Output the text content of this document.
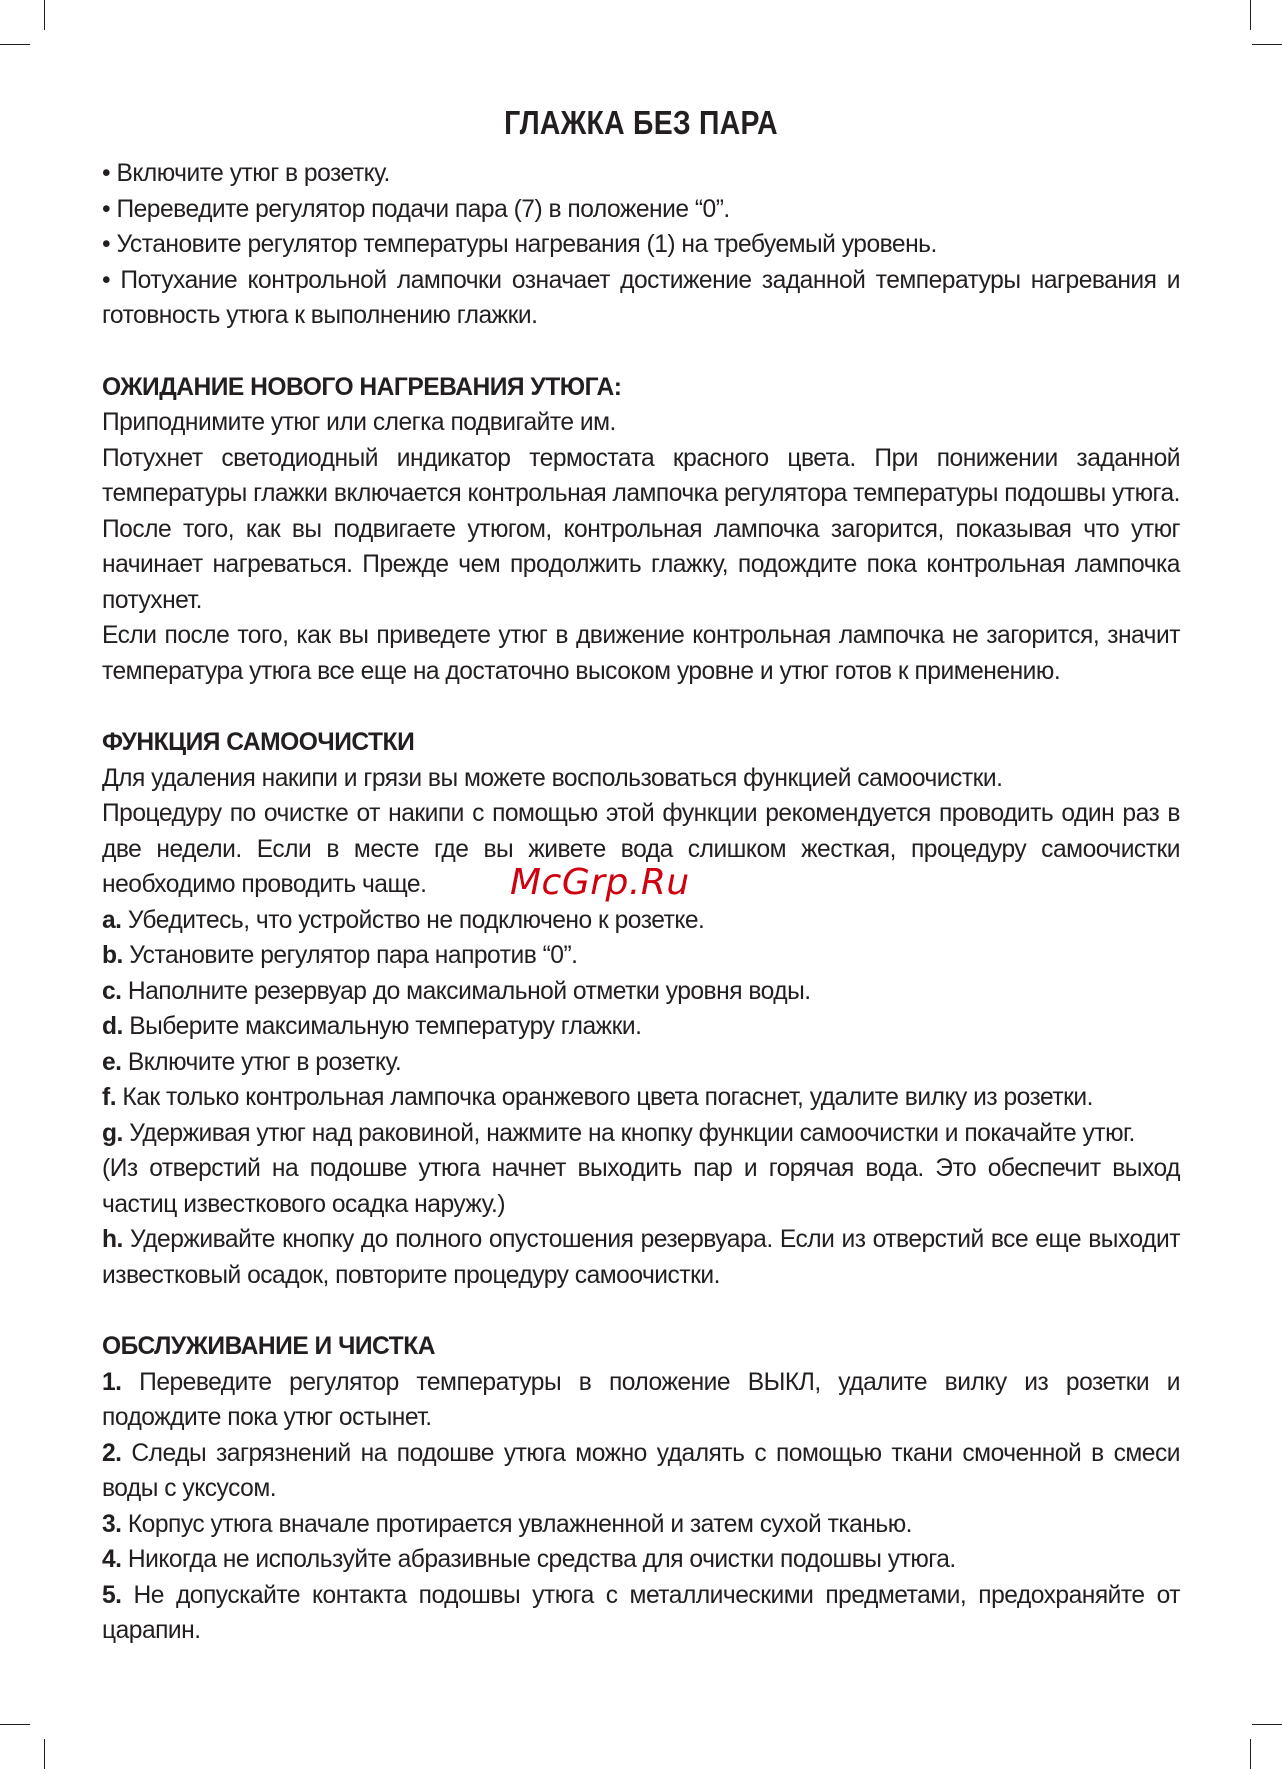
ГЛАЖКА БЕЗ ПАРА

• Включите утюг в розетку.

• Переведите регулятор подачи пара (7) в положение “0”.

• Установите регулятор температуры нагревания (1) на требуемый уровень.

• Потухание контрольной лампочки означает достижение заданной температуры нагревания и готовность утюга к выполнению глажки.

ОЖИДАНИЕ НОВОГО НАГРЕВАНИЯ УТЮГА:

Приподнимите утюг или слегка подвигайте им.

Потухнет светодиодный индикатор термостата красного цвета. При понижении заданной температуры глажки включается контрольная лампочка регулятора температуры подошвы утюга. После того, как вы подвигаете утюгом, контрольная лампочка загорится, показывая что утюг начинает нагреваться. Прежде чем продолжить глажку, подождите пока контрольная лампочка потухнет.

Если после того, как вы приведете утюг в движение контрольная лампочка не загорится, значит температура утюга все еще на достаточно высоком уровне и утюг готов к применению.

ФУНКЦИЯ САМООЧИСТКИ

Для удаления накипи и грязи вы можете воспользоваться функцией самоочистки.

Процедуру по очистке от накипи с помощью этой функции рекомендуется проводить один раз в две недели. Если в месте где вы живете вода слишком жесткая, процедуру самоочистки необходимо проводить чаще.

a. Убедитесь, что устройство не подключено к розетке.

b. Установите регулятор пара напротив “0”.

c. Наполните резервуар до максимальной отметки уровня воды.

d. Выберите максимальную температуру глажки.

e. Включите утюг в розетку.

f. Как только контрольная лампочка оранжевого цвета погаснет, удалите вилку из розетки.

g. Удерживая утюг над раковиной, нажмите на кнопку функции самоочистки и покачайте утюг.

(Из отверстий на подошве утюга начнет выходить пар и горячая вода. Это обеспечит выход частиц известкового осадка наружу.)

h. Удерживайте кнопку до полного опустошения резервуара. Если из отверстий все еще выходит известковый осадок, повторите процедуру самоочистки.

ОБСЛУЖИВАНИЕ И ЧИСТКА

1. Переведите регулятор температуры в положение ВЫКЛ, удалите вилку из розетки и подождите пока утюг остынет.

2. Следы загрязнений на подошве утюга можно удалять с помощью ткани смоченной в смеси воды с уксусом.

3. Корпус утюга вначале протирается увлажненной и затем сухой тканью.

4. Никогда не используйте абразивные средства для очистки подошвы утюга.

5. Не допускайте контакта подошвы утюга с металлическими предметами, предохраняйте от царапин.

McGrp.Ru
